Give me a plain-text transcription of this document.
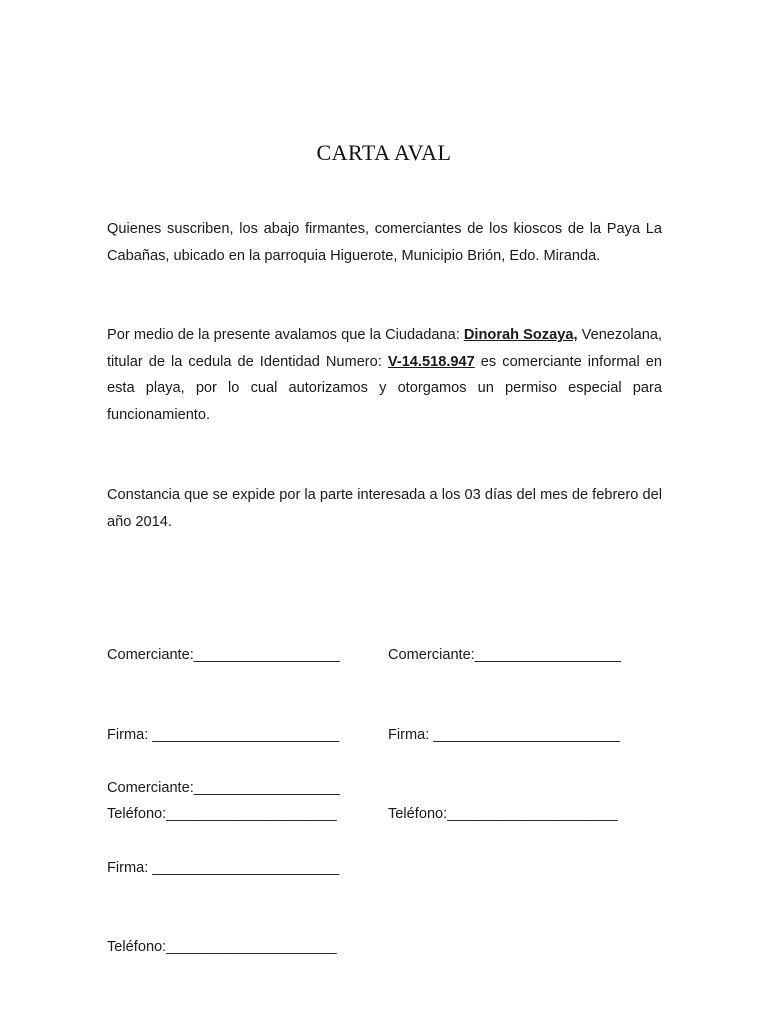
CARTA AVAL

Quienes suscriben, los abajo firmantes, comerciantes de los kioscos de la Paya La Cabañas, ubicado en la parroquia Higuerote, Municipio Brión, Edo. Miranda.

Por medio de la presente avalamos que la Ciudadana: Dinorah Sozaya, Venezolana, titular de la cedula de Identidad Numero: V-14.518.947 es comerciante informal en esta playa, por lo cual autorizamos y otorgamos un permiso especial para funcionamiento.

Constancia que se expide por la parte interesada a los 03 días del mes de febrero del año 2014.

Comerciante:__________________

Firma: _______________________

Teléfono:_____________________

Comerciante:__________________

Firma: _______________________

Teléfono:_____________________

Comerciante:__________________

Firma: _______________________

Teléfono:_____________________
